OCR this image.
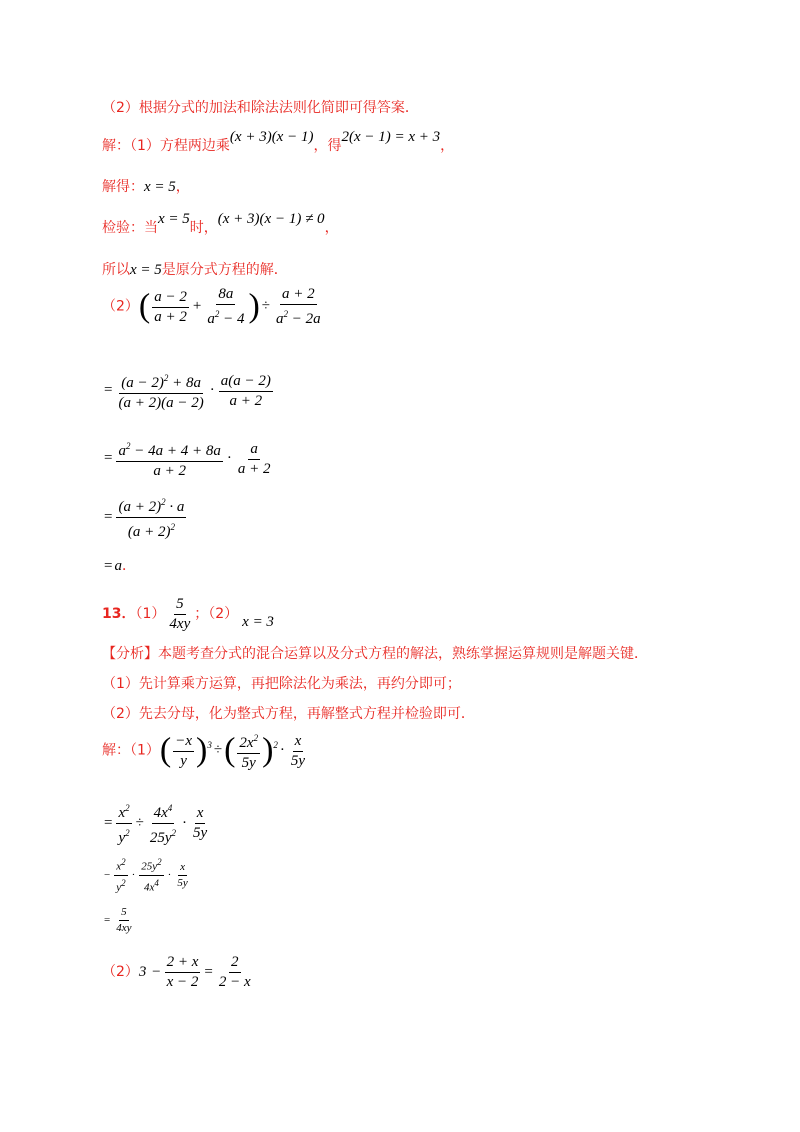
（2）根据分式的加法和除法法则化简即可得答案．
解：（1）方程两边乘(x + 3)(x − 1)，得2(x − 1) = x + 3，
解得：x = 5，
检验：当x = 5时，(x + 3)(x − 1) ≠ 0，
所以x = 5是原分式方程的解．
$(2)( \frac{a - 2}{a + 2} + \frac{8a}{a^2 - 4}$ ) ÷ $\frac{a + 2}{a^2 - 2a}$
= $\frac{(a - 2)^2 + 8a}{(a + 2)(a - 2)} \cdot \frac{a(a - 2)}{a + 2}$
= $\frac{a^2 - 4a + 4 + 8a}{a + 2} \cdot \frac{a}{a + 2}$
= $\frac{(a + 2)^2 \cdot a}{(a + 2)^2}$
= a．
13．$(1) \frac{5}{4xy}$ ；（2） x = 3
【分析】本题考查分式的混合运算以及分式方程的解法，熟练掌握运算规则是解题关键．
（1）先计算乘方运算，再把除法化为乘法，再约分即可；
（2）先去分母，化为整式方程，再解整式方程并检验即可．
解：$(1)( \frac{-x}{y} )^3$ ÷( $\frac{2x^2}{5y} )^2 \cdot \frac{x}{5y}$
= $\frac{x^2}{y^2} \div \frac{4x^4}{25y^2} \cdot \frac{x}{5y}$
− $\frac{x^2}{y^2} \cdot \frac{25y^2}{4x^4} \cdot \frac{x}{5y}$
= $\frac{5}{4xy}$
$(2)3 - \frac{2 + x}{x - 2} = \frac{2}{2 - x}$
